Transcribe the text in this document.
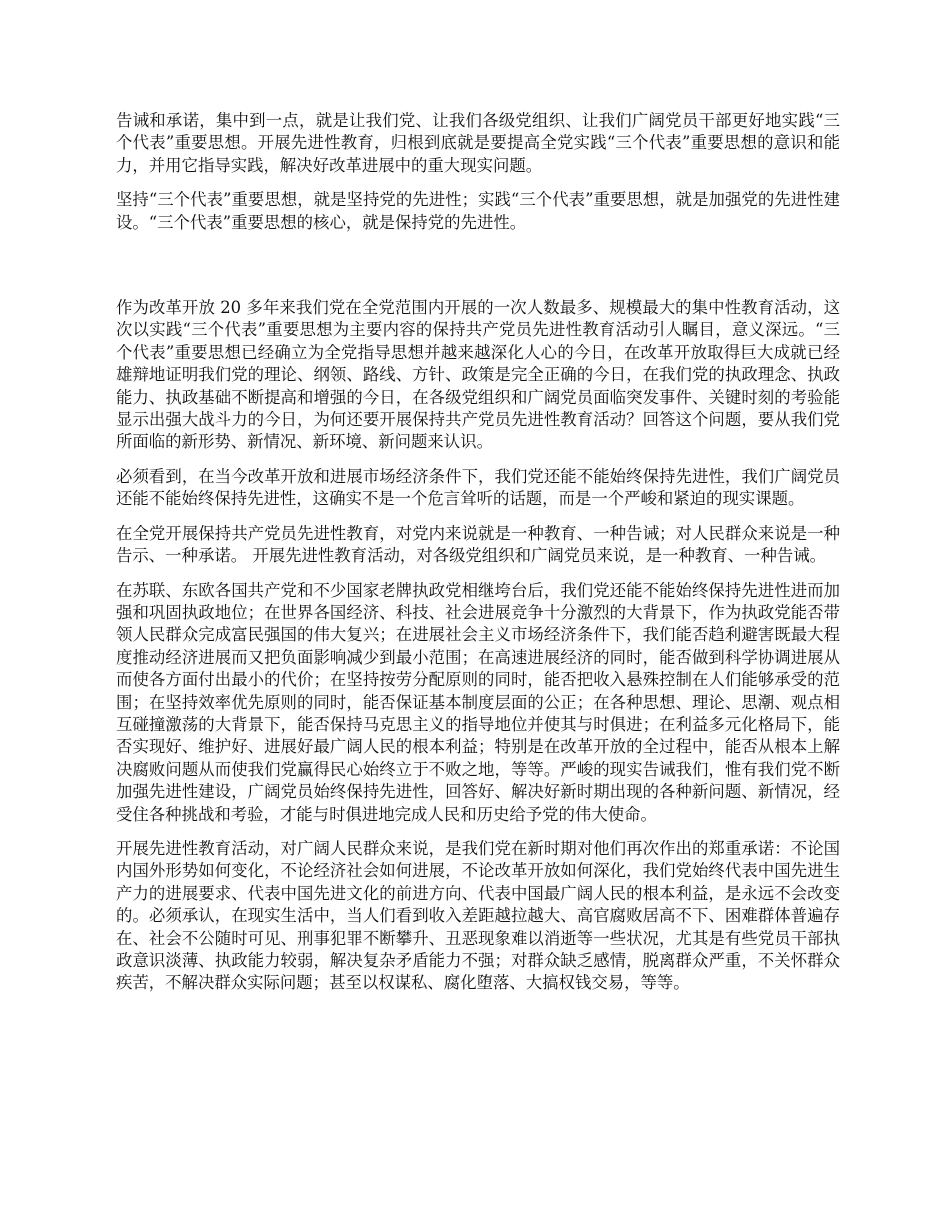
告诫和承诺，集中到一点，就是让我们党、让我们各级党组织、让我们广阔党员干部更好地实践“三个代表”重要思想。开展先进性教育，归根到底就是要提高全党实践“三个代表”重要思想的意识和能力，并用它指导实践，解决好改革进展中的重大现实问题。

坚持“三个代表”重要思想，就是坚持党的先进性；实践“三个代表”重要思想，就是加强党的先进性建设。“三个代表”重要思想的核心，就是保持党的先进性。

作为改革开放 20 多年来我们党在全党范围内开展的一次人数最多、规模最大的集中性教育活动，这次以实践“三个代表”重要思想为主要内容的保持共产党员先进性教育活动引人瞩目，意义深远。“三个代表”重要思想已经确立为全党指导思想并越来越深化人心的今日，在改革开放取得巨大成就已经雄辩地证明我们党的理论、纲领、路线、方针、政策是完全正确的今日，在我们党的执政理念、执政能力、执政基础不断提高和增强的今日，在各级党组织和广阔党员面临突发事件、关键时刻的考验能显示出强大战斗力的今日，为何还要开展保持共产党员先进性教育活动？回答这个问题，要从我们党所面临的新形势、新情况、新环境、新问题来认识。

必须看到，在当今改革开放和进展市场经济条件下，我们党还能不能始终保持先进性，我们广阔党员还能不能始终保持先进性，这确实不是一个危言耸听的话题，而是一个严峻和紧迫的现实课题。

在全党开展保持共产党员先进性教育，对党内来说就是一种教育、一种告诫；对人民群众来说是一种告示、一种承诺。 开展先进性教育活动，对各级党组织和广阔党员来说，是一种教育、一种告诫。

在苏联、东欧各国共产党和不少国家老牌执政党相继垮台后，我们党还能不能始终保持先进性进而加强和巩固执政地位；在世界各国经济、科技、社会进展竞争十分激烈的大背景下，作为执政党能否带领人民群众完成富民强国的伟大复兴；在进展社会主义市场经济条件下，我们能否趋利避害既最大程度推动经济进展而又把负面影响减少到最小范围；在高速进展经济的同时，能否做到科学协调进展从而使各方面付出最小的代价；在坚持按劳分配原则的同时，能否把收入悬殊控制在人们能够承受的范围；在坚持效率优先原则的同时，能否保证基本制度层面的公正；在各种思想、理论、思潮、观点相互碰撞激荡的大背景下，能否保持马克思主义的指导地位并使其与时俱进；在利益多元化格局下，能否实现好、维护好、进展好最广阔人民的根本利益；特别是在改革开放的全过程中，能否从根本上解决腐败问题从而使我们党赢得民心始终立于不败之地，等等。严峻的现实告诫我们，惟有我们党不断加强先进性建设，广阔党员始终保持先进性，回答好、解决好新时期出现的各种新问题、新情况，经受住各种挑战和考验，才能与时俱进地完成人民和历史给予党的伟大使命。

开展先进性教育活动，对广阔人民群众来说，是我们党在新时期对他们再次作出的郑重承诺：不论国内国外形势如何变化，不论经济社会如何进展，不论改革开放如何深化，我们党始终代表中国先进生产力的进展要求、代表中国先进文化的前进方向、代表中国最广阔人民的根本利益，是永远不会改变的。必须承认，在现实生活中，当人们看到收入差距越拉越大、高官腐败居高不下、困难群体普遍存在、社会不公随时可见、刑事犯罪不断攀升、丑恶现象难以消逝等一些状况，尤其是有些党员干部执政意识淡薄、执政能力较弱，解决复杂矛盾能力不强；对群众缺乏感情，脱离群众严重，不关怀群众疾苦，不解决群众实际问题；甚至以权谋私、腐化堕落、大搞权钱交易，等等。
